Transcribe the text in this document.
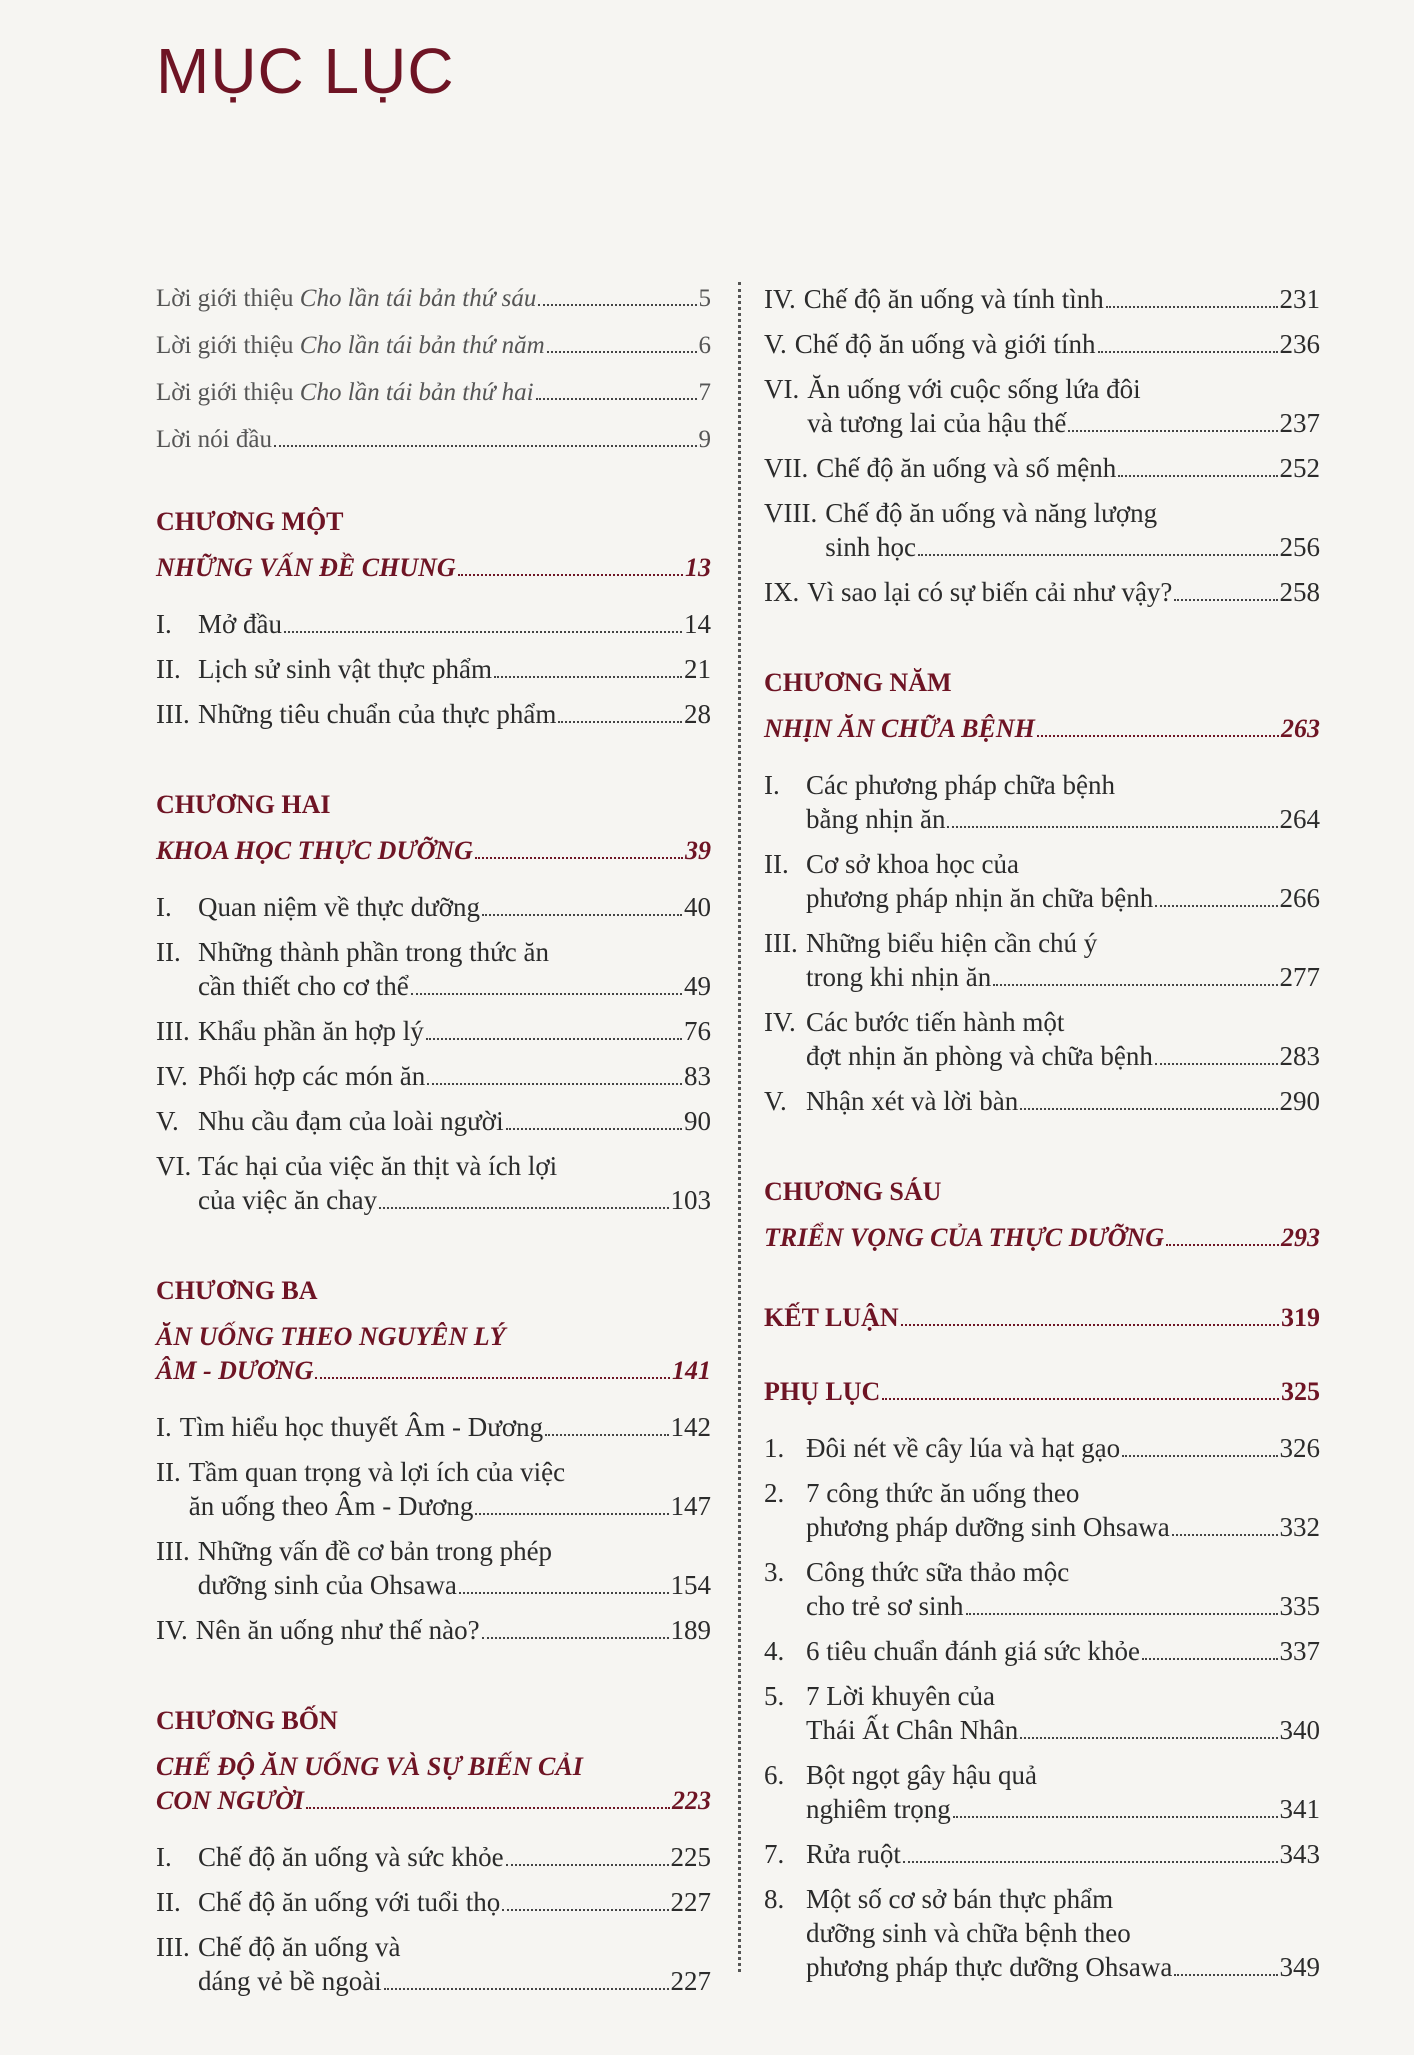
MỤC LỤC
Lời giới thiệu Cho lần tái bản thứ sáu	5
Lời giới thiệu Cho lần tái bản thứ năm	6
Lời giới thiệu Cho lần tái bản thứ hai	7
Lời nói đầu	9
CHƯƠNG MỘT
NHỮNG VẤN ĐỀ CHUNG	13
I. Mở đầu	14
II. Lịch sử sinh vật thực phẩm	21
III. Những tiêu chuẩn của thực phẩm	28
CHƯƠNG HAI
KHOA HỌC THỰC DƯỠNG	39
I. Quan niệm về thực dưỡng	40
II. Những thành phần trong thức ăn
cần thiết cho cơ thể	49
III. Khẩu phần ăn hợp lý	76
IV. Phối hợp các món ăn	83
V. Nhu cầu đạm của loài người	90
VI. Tác hại của việc ăn thịt và ích lợi
của việc ăn chay	103
CHƯƠNG BA
ĂN UỐNG THEO NGUYÊN LÝ
ÂM - DƯƠNG	141
I. Tìm hiểu học thuyết Âm - Dương	142
II. Tầm quan trọng và lợi ích của việc
ăn uống theo Âm - Dương	147
III. Những vấn đề cơ bản trong phép
dưỡng sinh của Ohsawa	154
IV. Nên ăn uống như thế nào?	189
CHƯƠNG BỐN
CHẾ ĐỘ ĂN UỐNG VÀ SỰ BIẾN CẢI
CON NGƯỜI	223
I. Chế độ ăn uống và sức khỏe	225
II. Chế độ ăn uống với tuổi thọ	227
III. Chế độ ăn uống và
dáng vẻ bề ngoài	227
IV. Chế độ ăn uống và tính tình	231
V. Chế độ ăn uống và giới tính	236
VI. Ăn uống với cuộc sống lứa đôi
và tương lai của hậu thế	237
VII. Chế độ ăn uống và số mệnh	252
VIII. Chế độ ăn uống và năng lượng
sinh học	256
IX. Vì sao lại có sự biến cải như vậy?	258
CHƯƠNG NĂM
NHỊN ĂN CHỮA BỆNH	263
I. Các phương pháp chữa bệnh
bằng nhịn ăn	264
II. Cơ sở khoa học của
phương pháp nhịn ăn chữa bệnh	266
III. Những biểu hiện cần chú ý
trong khi nhịn ăn	277
IV. Các bước tiến hành một
đợt nhịn ăn phòng và chữa bệnh	283
V. Nhận xét và lời bàn	290
CHƯƠNG SÁU
TRIỂN VỌNG CỦA THỰC DƯỠNG	293
KẾT LUẬN	319
PHỤ LỤC	325
1. Đôi nét về cây lúa và hạt gạo	326
2. 7 công thức ăn uống theo
phương pháp dưỡng sinh Ohsawa	332
3. Công thức sữa thảo mộc
cho trẻ sơ sinh	335
4. 6 tiêu chuẩn đánh giá sức khỏe	337
5. 7 Lời khuyên của
Thái Ất Chân Nhân	340
6. Bột ngọt gây hậu quả
nghiêm trọng	341
7. Rửa ruột	343
8. Một số cơ sở bán thực phẩm
dưỡng sinh và chữa bệnh theo
phương pháp thực dưỡng Ohsawa	349
